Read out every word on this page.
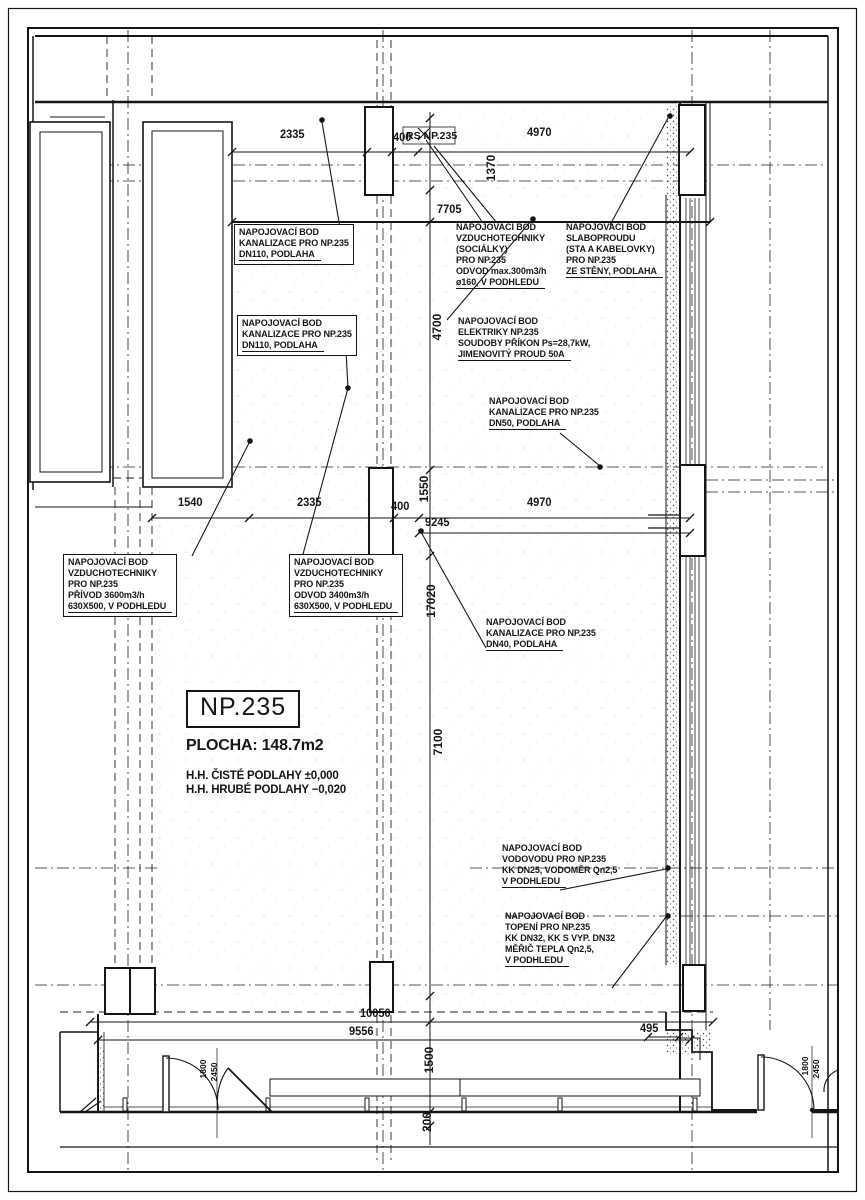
NP.235
PLOCHA: 148.7m2
H.H. ČISTÉ PODLAHY ±0,000
H.H. HRUBÉ PODLAHY −0,020
RS NP.235
2335	400	4970
7705
1540	2335	400	4970
9245
10050
9556	495
1370
4700
1550
17020
7100
1500
200
1800 2450	1800 2450
NAPOJOVACÍ BOD
KANALIZACE PRO NP.235
DN110, PODLAHA
NAPOJOVACÍ BOD
KANALIZACE PRO NP.235
DN110, PODLAHA
NAPOJOVACÍ BOD
VZDUCHOTECHNIKY
(SOCIÁLKY)
PRO NP.235
ODVOD max.300m3/h
ø160, V PODHLEDU
NAPOJOVACÍ BOD
SLABOPROUDU
(STA A KABELOVKY)
PRO NP.235
ZE STĚNY, PODLAHA
NAPOJOVACÍ BOD
ELEKTRIKY NP.235
SOUDOBY PŘÍKON Ps=28,7kW,
JIMENOVITÝ PROUD 50A
NAPOJOVACÍ BOD
KANALIZACE PRO NP.235
DN50, PODLAHA
NAPOJOVACÍ BOD
VZDUCHOTECHNIKY
PRO NP.235
PŘÍVOD 3600m3/h
630X500, V PODHLEDU
NAPOJOVACÍ BOD
VZDUCHOTECHNIKY
PRO NP.235
ODVOD 3400m3/h
630X500, V PODHLEDU
NAPOJOVACÍ BOD
KANALIZACE PRO NP.235
DN40, PODLAHA
NAPOJOVACÍ BOD
VODOVODU PRO NP.235
KK DN25, VODOMĚR Qn2,5
V PODHLEDU
NAPOJOVACÍ BOD
TOPENÍ PRO NP.235
KK DN32, KK S VYP. DN32
MĚŘIČ TEPLA Qn2,5,
V PODHLEDU
